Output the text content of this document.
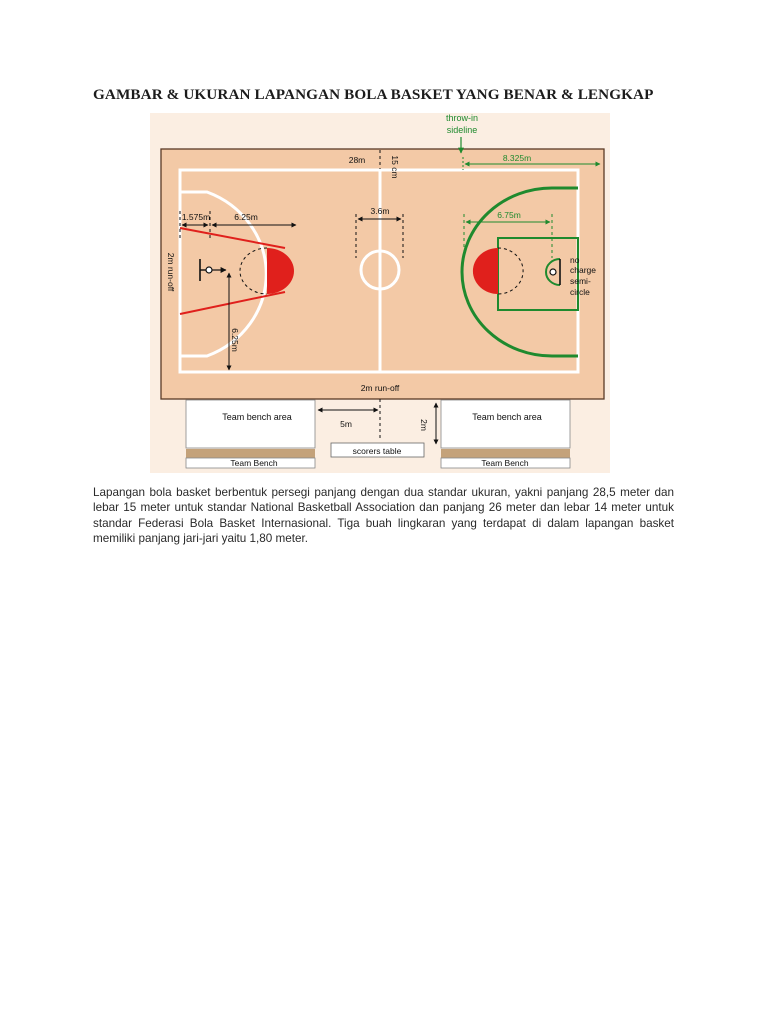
GAMBAR & UKURAN LAPANGAN BOLA BASKET YANG BENAR & LENGKAP
throw-in
sideline
28m	15 cm	8.325m
1.575m	6.25m
3.6m	6.75m
2m run-off
6.25m
no
charge
semi-
circle
2m run-off
Team bench area	Team bench area
Team Bench	Team Bench
5m	2m
scorers table

Lapangan bola basket berbentuk persegi panjang dengan dua standar ukuran, yakni panjang 28,5 meter dan lebar 15 meter untuk standar National Basketball Association dan panjang 26 meter dan lebar 14 meter untuk standar Federasi Bola Basket Internasional. Tiga buah lingkaran yang terdapat di dalam lapangan basket memiliki panjang jari-jari yaitu 1,80 meter.
